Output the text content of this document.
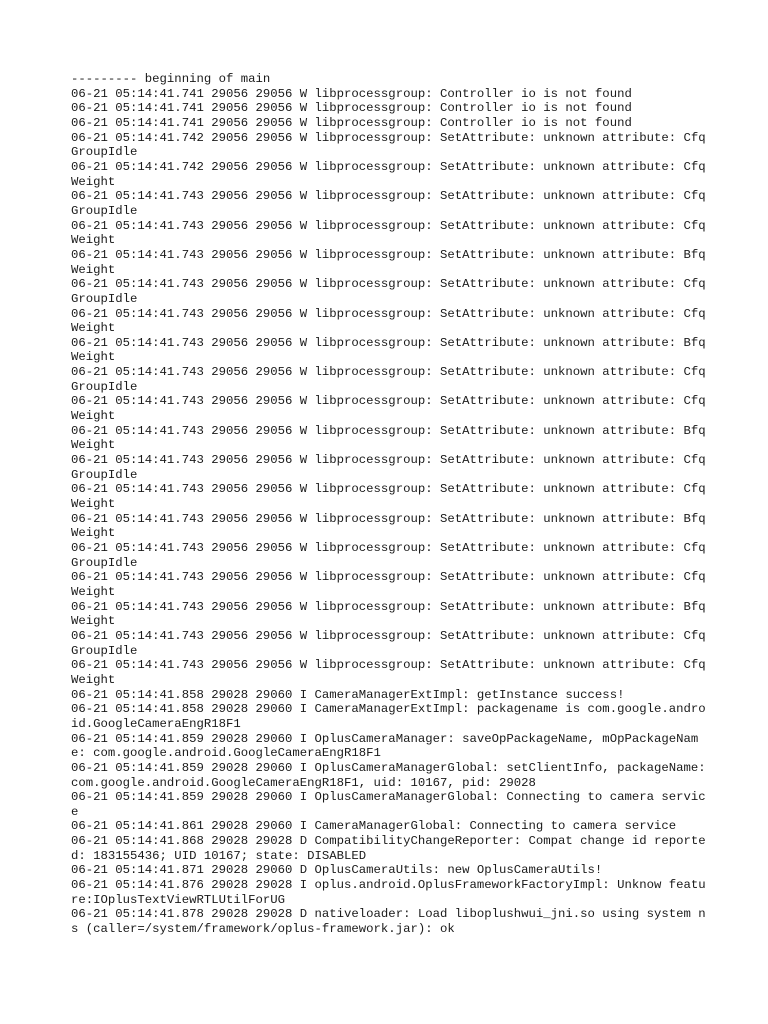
--------- beginning of main
06-21 05:14:41.741 29056 29056 W libprocessgroup: Controller io is not found
06-21 05:14:41.741 29056 29056 W libprocessgroup: Controller io is not found
06-21 05:14:41.741 29056 29056 W libprocessgroup: Controller io is not found
06-21 05:14:41.742 29056 29056 W libprocessgroup: SetAttribute: unknown attribute: CfqGroupIdle
06-21 05:14:41.742 29056 29056 W libprocessgroup: SetAttribute: unknown attribute: CfqWeight
06-21 05:14:41.743 29056 29056 W libprocessgroup: SetAttribute: unknown attribute: CfqGroupIdle
06-21 05:14:41.743 29056 29056 W libprocessgroup: SetAttribute: unknown attribute: CfqWeight
06-21 05:14:41.743 29056 29056 W libprocessgroup: SetAttribute: unknown attribute: BfqWeight
06-21 05:14:41.743 29056 29056 W libprocessgroup: SetAttribute: unknown attribute: CfqGroupIdle
06-21 05:14:41.743 29056 29056 W libprocessgroup: SetAttribute: unknown attribute: CfqWeight
06-21 05:14:41.743 29056 29056 W libprocessgroup: SetAttribute: unknown attribute: BfqWeight
06-21 05:14:41.743 29056 29056 W libprocessgroup: SetAttribute: unknown attribute: CfqGroupIdle
06-21 05:14:41.743 29056 29056 W libprocessgroup: SetAttribute: unknown attribute: CfqWeight
06-21 05:14:41.743 29056 29056 W libprocessgroup: SetAttribute: unknown attribute: BfqWeight
06-21 05:14:41.743 29056 29056 W libprocessgroup: SetAttribute: unknown attribute: CfqGroupIdle
06-21 05:14:41.743 29056 29056 W libprocessgroup: SetAttribute: unknown attribute: CfqWeight
06-21 05:14:41.743 29056 29056 W libprocessgroup: SetAttribute: unknown attribute: BfqWeight
06-21 05:14:41.743 29056 29056 W libprocessgroup: SetAttribute: unknown attribute: CfqGroupIdle
06-21 05:14:41.743 29056 29056 W libprocessgroup: SetAttribute: unknown attribute: CfqWeight
06-21 05:14:41.743 29056 29056 W libprocessgroup: SetAttribute: unknown attribute: BfqWeight
06-21 05:14:41.743 29056 29056 W libprocessgroup: SetAttribute: unknown attribute: CfqGroupIdle
06-21 05:14:41.743 29056 29056 W libprocessgroup: SetAttribute: unknown attribute: CfqWeight
06-21 05:14:41.858 29028 29060 I CameraManagerExtImpl: getInstance success!
06-21 05:14:41.858 29028 29060 I CameraManagerExtImpl: packagename is com.google.android.GoogleCameraEngR18F1
06-21 05:14:41.859 29028 29060 I OplusCameraManager: saveOpPackageName, mOpPackageName: com.google.android.GoogleCameraEngR18F1
06-21 05:14:41.859 29028 29060 I OplusCameraManagerGlobal: setClientInfo, packageName: com.google.android.GoogleCameraEngR18F1, uid: 10167, pid: 29028
06-21 05:14:41.859 29028 29060 I OplusCameraManagerGlobal: Connecting to camera service
06-21 05:14:41.861 29028 29060 I CameraManagerGlobal: Connecting to camera service
06-21 05:14:41.868 29028 29028 D CompatibilityChangeReporter: Compat change id reported: 183155436; UID 10167; state: DISABLED
06-21 05:14:41.871 29028 29060 D OplusCameraUtils: new OplusCameraUtils!
06-21 05:14:41.876 29028 29028 I oplus.android.OplusFrameworkFactoryImpl: Unknow feature:IOplusTextViewRTLUtilForUG
06-21 05:14:41.878 29028 29028 D nativeloader: Load liboplushwui_jni.so using system ns (caller=/system/framework/oplus-framework.jar): ok
